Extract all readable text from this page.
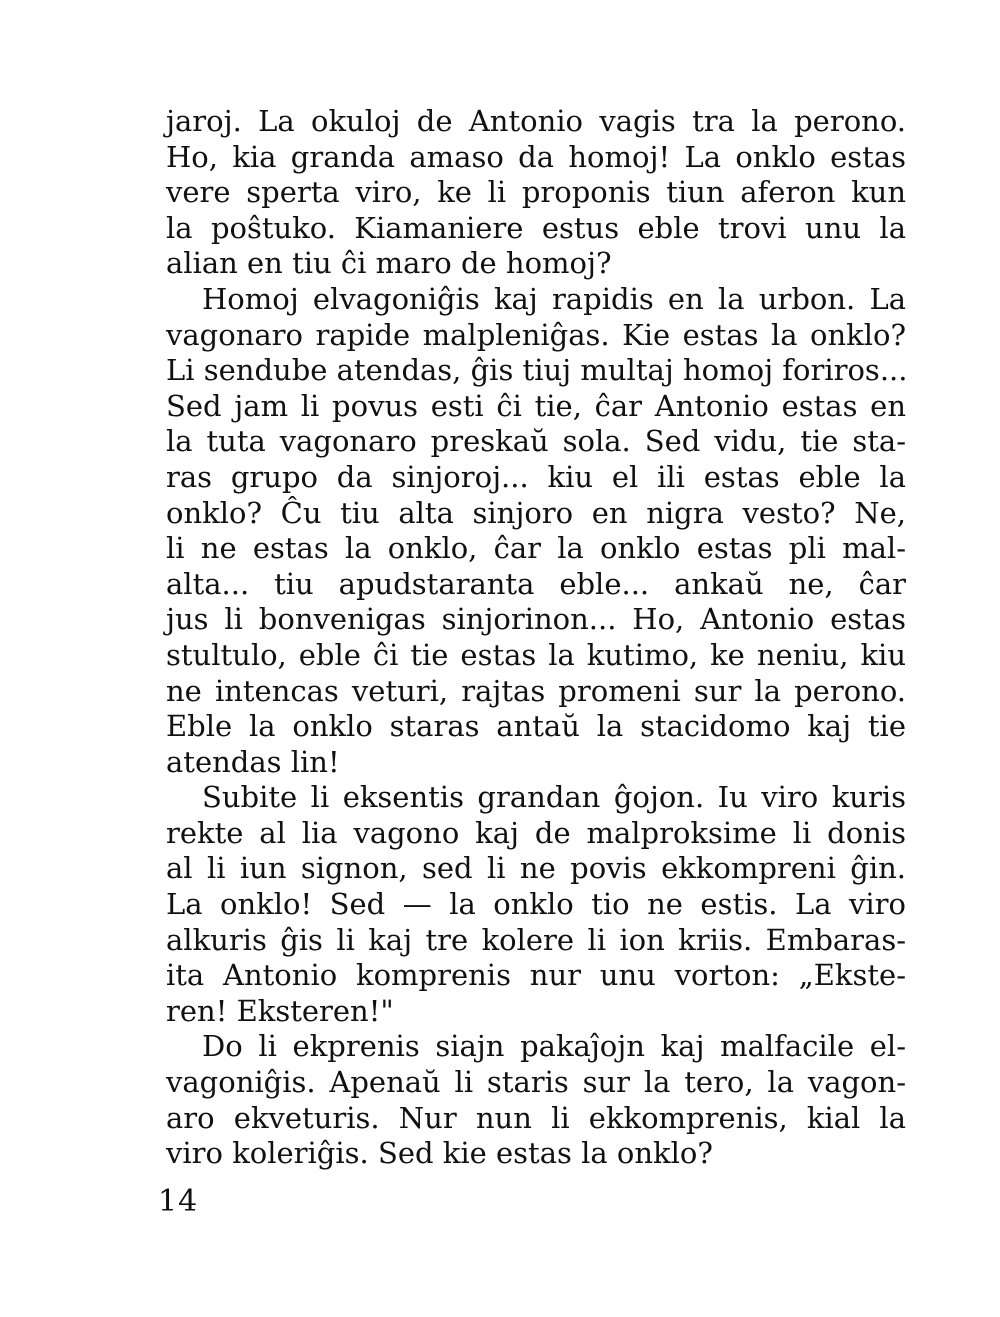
jaroj. La okuloj de Antonio vagis tra la perono.
Ho, kia granda amaso da homoj! La onklo estas
vere sperta viro, ke li proponis tiun aferon kun
la poŝtuko. Kiamaniere estus eble trovi unu la
alian en tiu ĉi maro de homoj?
Homoj elvagoniĝis kaj rapidis en la urbon. La
vagonaro rapide malpleniĝas. Kie estas la onklo?
Li sendube atendas, ĝis tiuj multaj homoj foriros...
Sed jam li povus esti ĉi tie, ĉar Antonio estas en
la tuta vagonaro preskaŭ sola. Sed vidu, tie sta-
ras grupo da sinjoroj... kiu el ili estas eble la
onklo? Ĉu tiu alta sinjoro en nigra vesto? Ne,
li ne estas la onklo, ĉar la onklo estas pli mal-
alta... tiu apudstaranta eble... ankaŭ ne, ĉar
jus li bonvenigas sinjorinon... Ho, Antonio estas
stultulo, eble ĉi tie estas la kutimo, ke neniu, kiu
ne intencas veturi, rajtas promeni sur la perono.
Eble la onklo staras antaŭ la stacidomo kaj tie
atendas lin!
Subite li eksentis grandan ĝojon. Iu viro kuris
rekte al lia vagono kaj de malproksime li donis
al li iun signon, sed li ne povis ekkompreni ĝin.
La onklo! Sed — la onklo tio ne estis. La viro
alkuris ĝis li kaj tre kolere li ion kriis. Embaras-
ita Antonio komprenis nur unu vorton: „Ekste-
ren! Eksteren!"
Do li ekprenis siajn pakaĵojn kaj malfacile el-
vagoniĝis. Apenaŭ li staris sur la tero, la vagon-
aro ekveturis. Nur nun li ekkomprenis, kial la
viro koleriĝis. Sed kie estas la onklo?
14
